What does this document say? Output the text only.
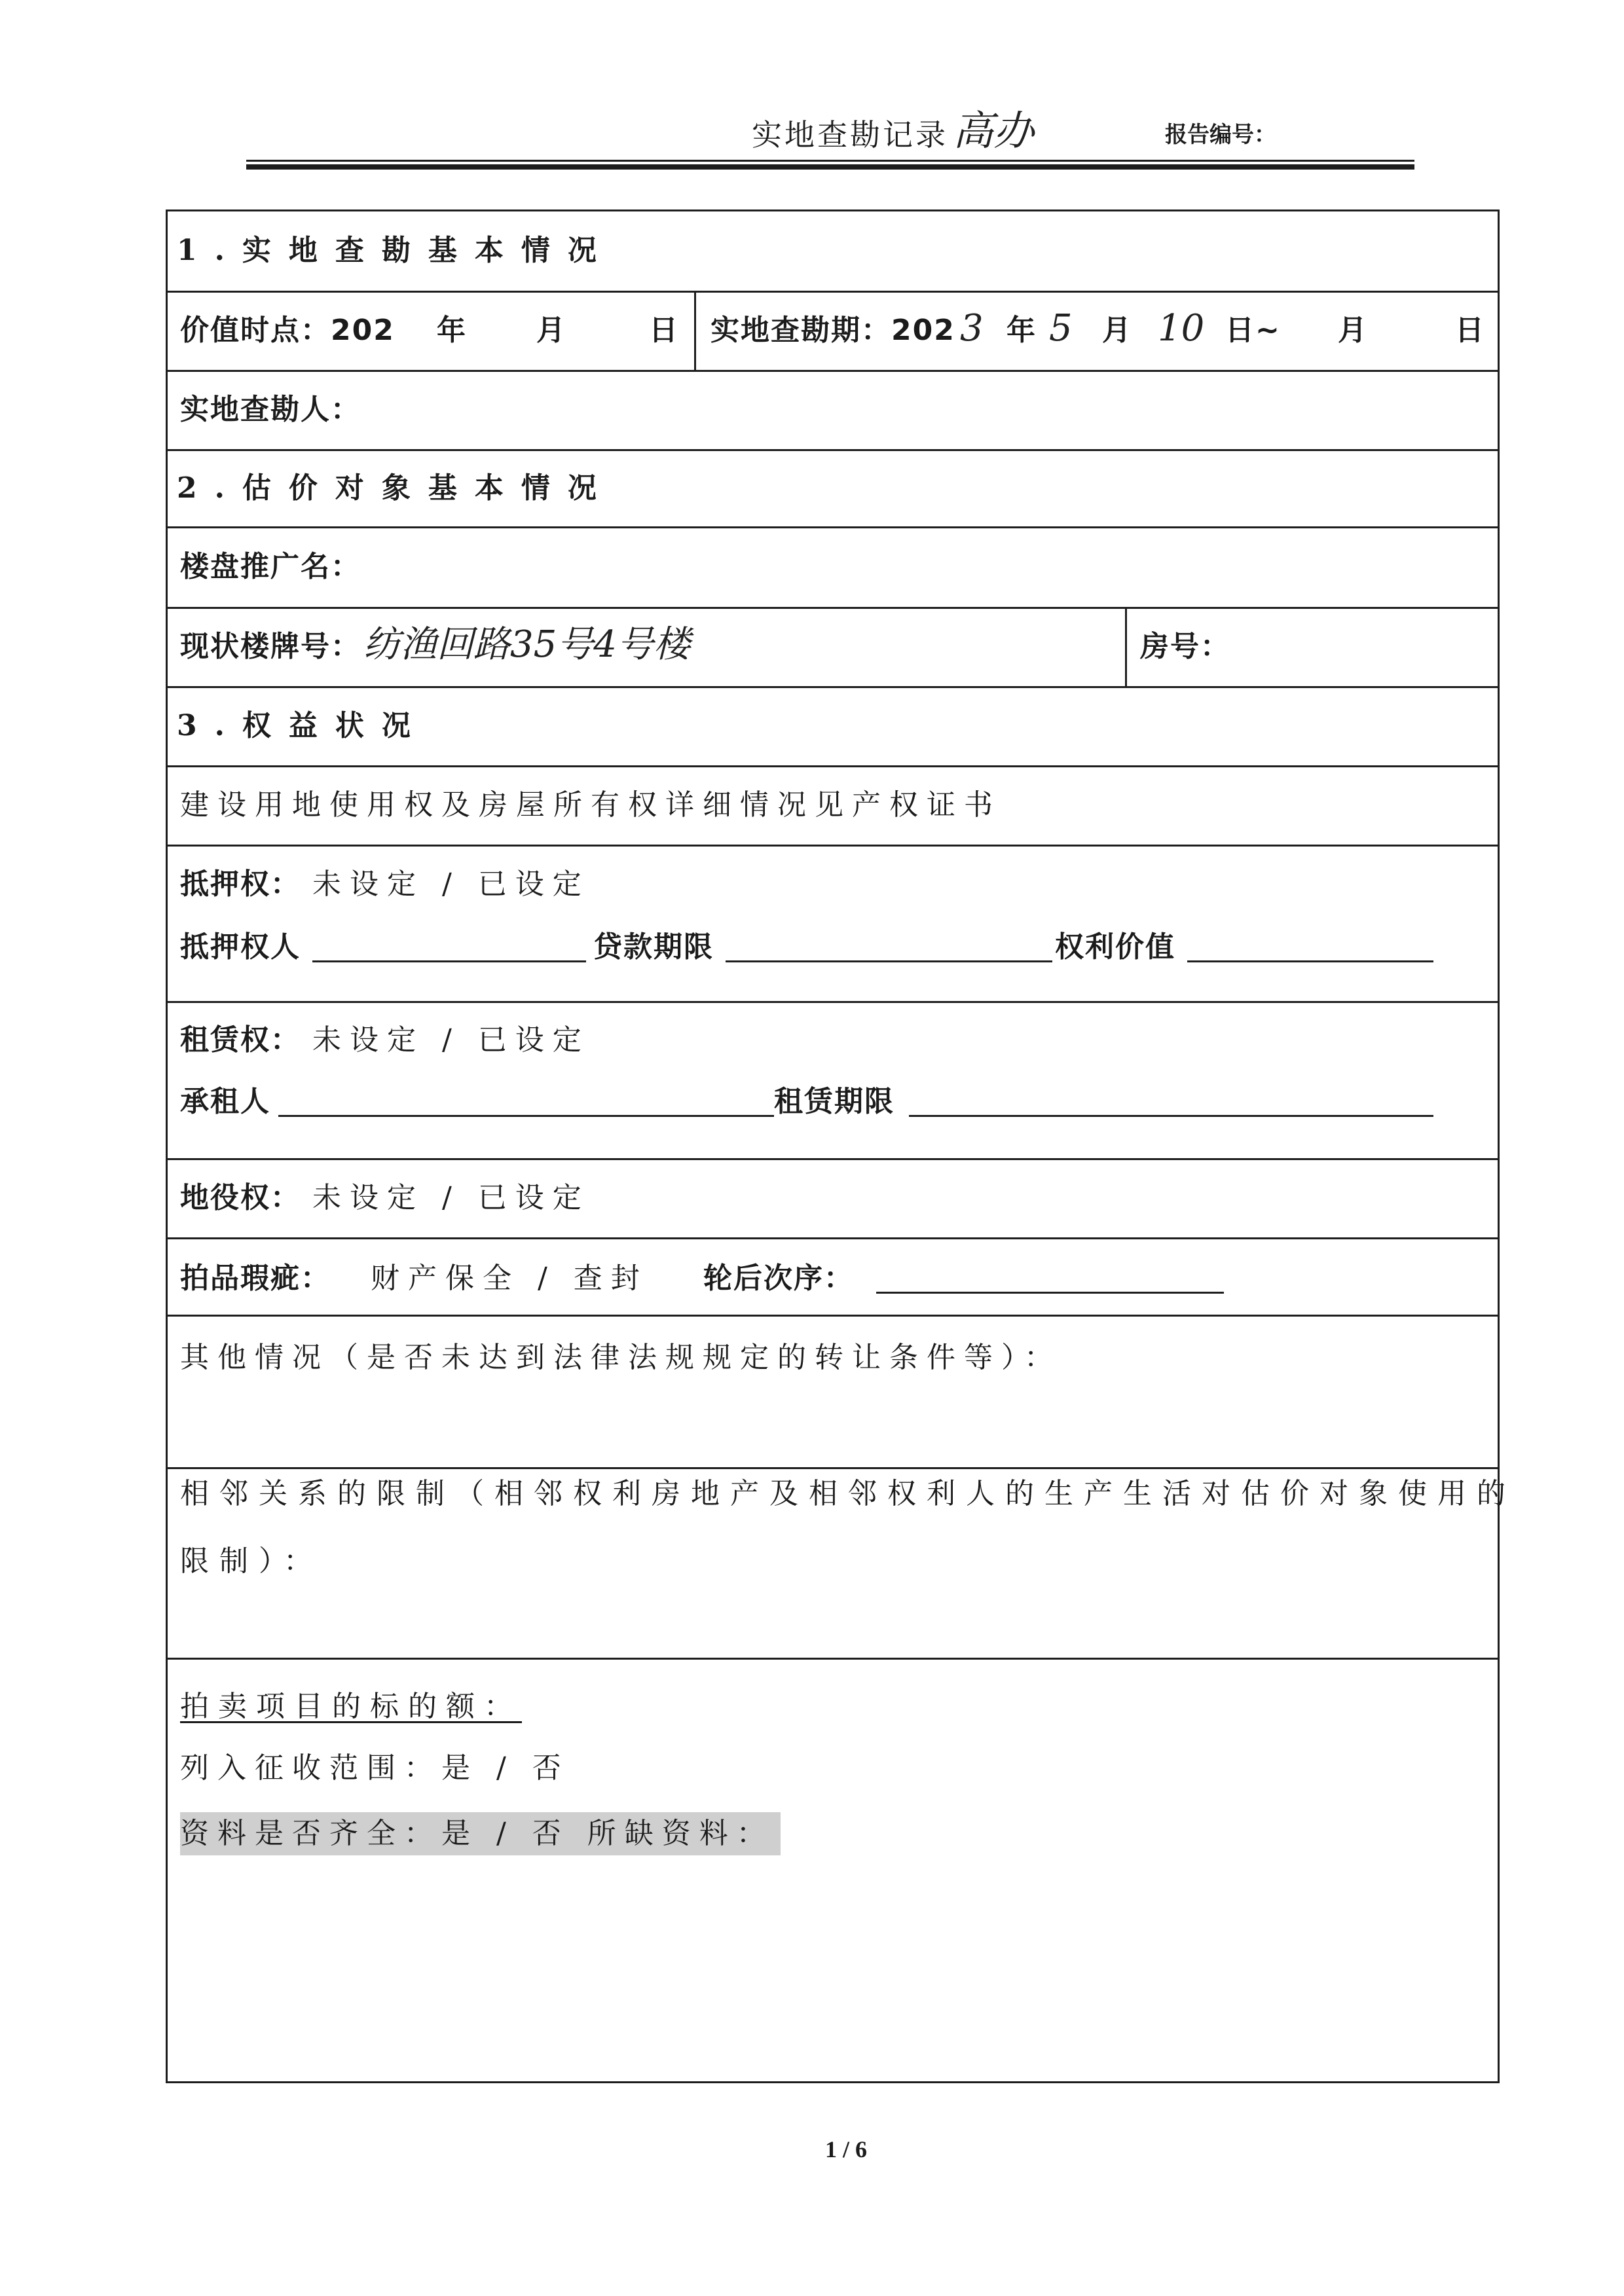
实地查勘记录 高办	报告编号：
1.实地查勘基本情况
价值时点：202 年 月	日 实地查勘期：202 3 年 5 月 10 日~ 月	日
实地查勘人：
2.估价对象基本情况
楼盘推广名：
现状楼牌号： 纺渔回路35号4号楼	房号：
3.权益状况
建设用地使用权及房屋所有权详细情况见产权证书
抵押权： 未设定 / 已设定
抵押权人	贷款期限	权利价值
租赁权： 未设定 / 已设定
承租人	租赁期限
地役权： 未设定 / 已设定
拍品瑕疵： 财产保全 / 查封 轮后次序：
其他情况（是否未达到法律法规规定的转让条件等）：
相邻关系的限制（相邻权利房地产及相邻权利人的生产生活对估价对象使用的
限制）：
拍卖项目的标的额：
列入征收范围：是 / 否
资料是否齐全：是 / 否 所缺资料：
1 / 6
